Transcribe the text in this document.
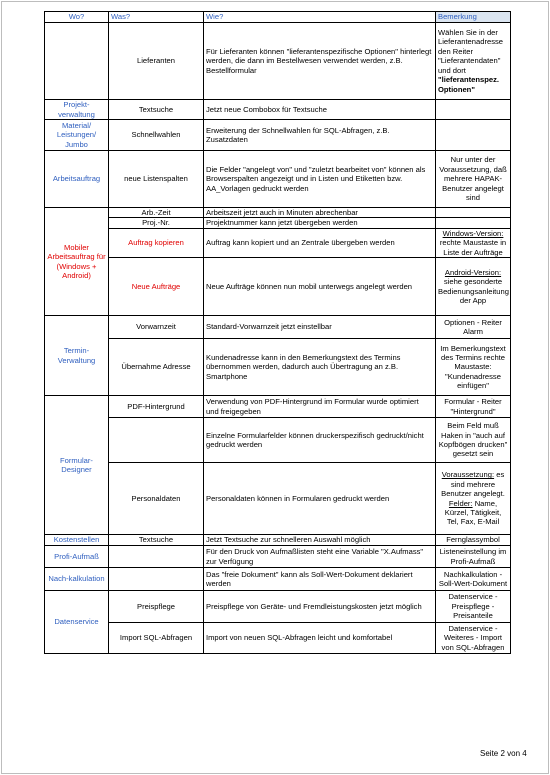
Wo?	Was?	Wie?	Bemerkung
	Lieferanten	Für Lieferanten können "lieferantenspezifische Optionen" hinterlegt werden, die dann im Bestellwesen verwendet werden, z.B. Bestellformular	Wählen Sie in der Lieferantenadresse den Reiter "Lieferantendaten" und dort "lieferantenspez. Optionen"
Projekt-verwaltung	Textsuche	Jetzt neue Combobox für Textsuche	
Material/ Leistungen/ Jumbo	Schnellwahlen	Erweiterung der Schnellwahlen für SQL-Abfragen, z.B. Zusatzdaten	
Arbeitsauftrag	neue Listenspalten	Die Felder "angelegt von" und "zuletzt bearbeitet von" können als Browserspalten angezeigt und in Listen und Etiketten bzw. AA_Vorlagen gedruckt werden	Nur unter der Voraussetzung, daß mehrere HAPAK-Benutzer angelegt sind
Mobiler Arbeitsauftrag für (Windows + Android)	Arb.-Zeit	Arbeitszeit jetzt auch in Minuten abrechenbar	
	Proj.-Nr.	Projektnummer kann jetzt übergeben werden	
	Auftrag kopieren	Auftrag kann kopiert und an Zentrale übergeben werden	Windows-Version: rechte Maustaste in Liste der Aufträge
	Neue Aufträge	Neue Aufträge können nun mobil unterwegs angelegt werden	Android-Version: siehe gesonderte Bedienungsanleitung der App
Termin-Verwaltung	Vorwarnzeit	Standard-Vorwarnzeit jetzt einstellbar	Optionen - Reiter Alarm
	Übernahme Adresse	Kundenadresse kann in den Bemerkungstext des Termins übernommen werden, dadurch auch Übertragung an z.B. Smartphone	Im Bemerkungstext des Termins rechte Maustaste: "Kundenadresse einfügen"
Formular-Designer	PDF-Hintergrund	Verwendung von PDF-Hintergrund im Formular wurde optimiert und freigegeben	Formular - Reiter "Hintergrund"
		Einzelne Formularfelder können druckerspezifisch gedruckt/nicht gedruckt werden	Beim Feld muß Haken in "auch auf Kopfbögen drucken" gesetzt sein
	Personaldaten	Personaldaten können in Formularen gedruckt werden	Voraussetzung: es sind mehrere Benutzer angelegt. Felder: Name, Kürzel, Tätigkeit, Tel, Fax, E-Mail
Kostenstellen	Textsuche	Jetzt Textsuche zur schnelleren Auswahl möglich	Fernglassymbol
Profi-Aufmaß		Für den Druck von Aufmaßlisten steht eine Variable "X.Aufmass" zur Verfügung	Listeneinstellung im Profi-Aufmaß
Nach-kalkulation		Das "freie Dokument" kann als Soll-Wert-Dokument deklariert werden	Nachkalkulation - Soll-Wert-Dokument
Datenservice	Preispflege	Preispflege von Geräte- und Fremdleistungskosten jetzt möglich	Datenservice - Preispflege - Preisanteile
	Import SQL-Abfragen	Import von neuen SQL-Abfragen leicht und komfortabel	Datenservice - Weiteres - Import von SQL-Abfragen
Seite 2 von 4
